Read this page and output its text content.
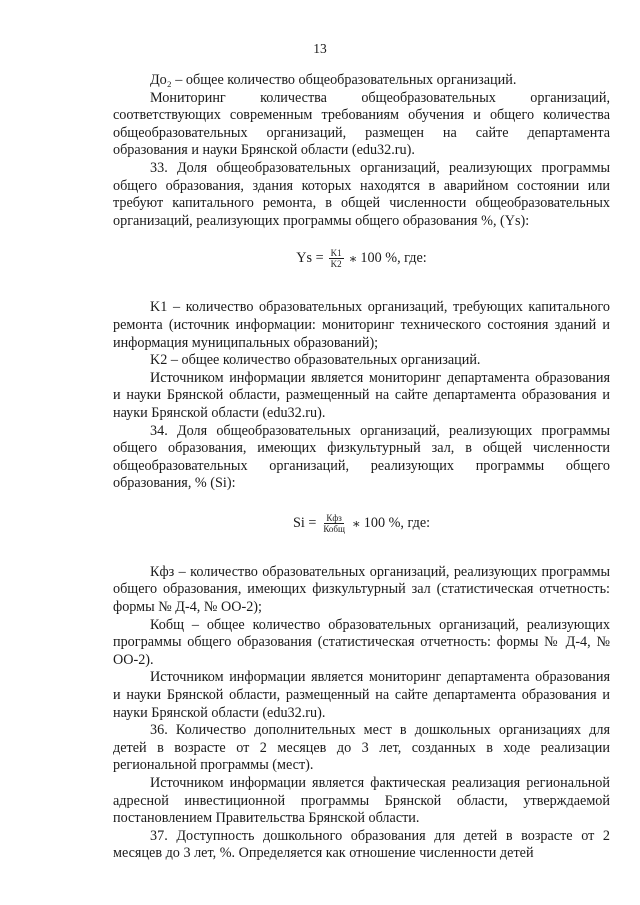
13

До₂ – общее количество общеобразовательных организаций.

Мониторинг количества общеобразовательных организаций, соответствующих современным требованиям обучения и общего количества общеобразовательных организаций, размещен на сайте департамента образования и науки Брянской области (edu32.ru).

33. Доля общеобразовательных организаций, реализующих программы общего образования, здания которых находятся в аварийном состоянии или требуют капитального ремонта, в общей численности общеобразовательных организаций, реализующих программы общего образования %, (Ys):

$Ys = \frac{K1}{K2}$ ∗ 100 %, где:

K1 – количество образовательных организаций, требующих капитального ремонта (источник информации: мониторинг технического состояния зданий и информация муниципальных образований);

K2 – общее количество образовательных организаций.

Источником информации является мониторинг департамента образования и науки Брянской области, размещенный на сайте департамента образования и науки Брянской области (edu32.ru).

34. Доля общеобразовательных организаций, реализующих программы общего образования, имеющих физкультурный зал, в общей численности общеобразовательных организаций, реализующих программы общего образования, % (Si):

$Si = \frac{\text{Кфз}}{\text{Кобщ}}$ ∗ 100 %, где:

Кфз – количество образовательных организаций, реализующих программы общего образования, имеющих физкультурный зал (статистическая отчетность: формы № Д-4, № ОО-2);

Кобщ – общее количество образовательных организаций, реализующих программы общего образования (статистическая отчетность: формы № Д-4, № ОО-2).

Источником информации является мониторинг департамента образования и науки Брянской области, размещенный на сайте департамента образования и науки Брянской области (edu32.ru).

36. Количество дополнительных мест в дошкольных организациях для детей в возрасте от 2 месяцев до 3 лет, созданных в ходе реализации региональной программы (мест).

Источником информации является фактическая реализация региональной адресной инвестиционной программы Брянской области, утверждаемой постановлением Правительства Брянской области.

37. Доступность дошкольного образования для детей в возрасте от 2 месяцев до 3 лет, %. Определяется как отношение численности детей
